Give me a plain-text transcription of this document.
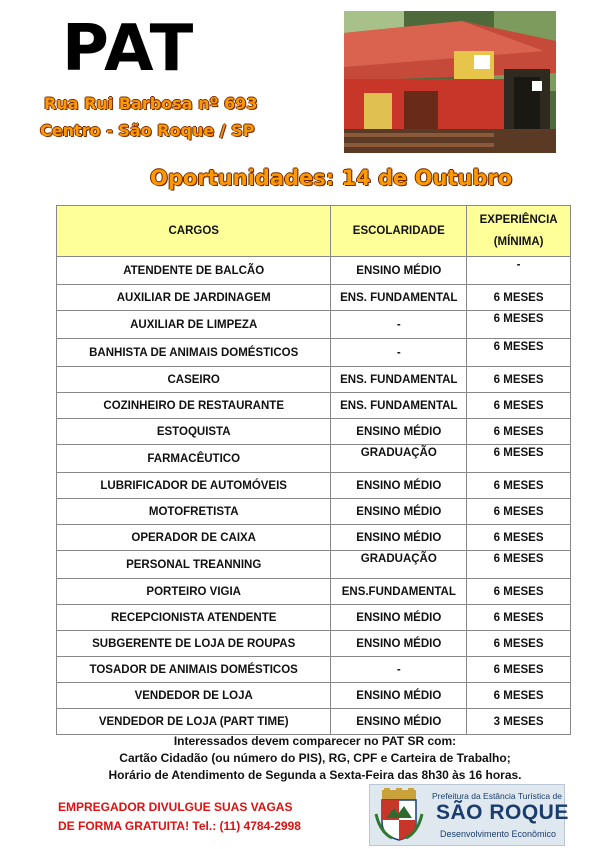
PAT
Rua Rui Barbosa nº 693
Centro - São Roque / SP
Oportunidades: 14 de Outubro
CARGOS	ESCOLARIDADE	EXPERIÊNCIA
(MÍNIMA)

ATENDENTE DE BALCÃO	ENSINO MÉDIO	-
AUXILIAR DE JARDINAGEM	ENS. FUNDAMENTAL	6 MESES
AUXILIAR DE LIMPEZA	-	6 MESES
BANHISTA DE ANIMAIS DOMÉSTICOS	-	6 MESES
CASEIRO	ENS. FUNDAMENTAL	6 MESES
COZINHEIRO DE RESTAURANTE	ENS. FUNDAMENTAL	6 MESES
ESTOQUISTA	ENSINO MÉDIO	6 MESES
FARMACÊUTICO	GRADUAÇÃO	6 MESES
LUBRIFICADOR DE AUTOMÓVEIS	ENSINO MÉDIO	6 MESES
MOTOFRETISTA	ENSINO MÉDIO	6 MESES
OPERADOR DE CAIXA	ENSINO MÉDIO	6 MESES
PERSONAL TREANNING	GRADUAÇÃO	6 MESES
PORTEIRO VIGIA	ENS.FUNDAMENTAL	6 MESES
RECEPCIONISTA ATENDENTE	ENSINO MÉDIO	6 MESES
SUBGERENTE DE LOJA DE ROUPAS	ENSINO MÉDIO	6 MESES
TOSADOR DE ANIMAIS DOMÉSTICOS	-	6 MESES
VENDEDOR DE LOJA	ENSINO MÉDIO	6 MESES
VENDEDOR DE LOJA (PART TIME)	ENSINO MÉDIO	3 MESES
Interessados devem comparecer no PAT SR com:
Cartão Cidadão (ou número do PIS), RG, CPF e Carteira de Trabalho;
Horário de Atendimento de Segunda a Sexta-Feira das 8h30 às 16 horas.
EMPREGADOR DIVULGUE SUAS VAGAS
DE FORMA GRATUITA! Tel.: (11) 4784-2998
Prefeitura da Estância Turística de
SÃO ROQUE
Desenvolvimento Econômico
